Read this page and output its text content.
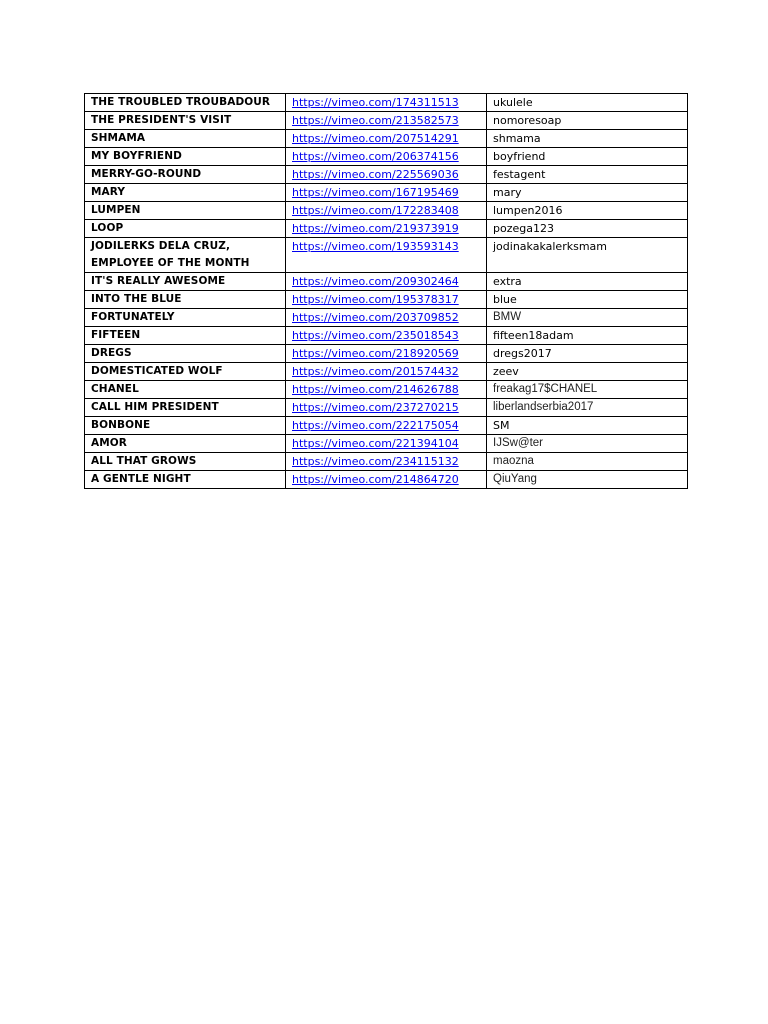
THE TROUBLED TROUBADOUR	https://vimeo.com/174311513	ukulele
THE PRESIDENT'S VISIT	https://vimeo.com/213582573	nomoresoap
SHMAMA	https://vimeo.com/207514291	shmama
MY BOYFRIEND	https://vimeo.com/206374156	boyfriend
MERRY-GO-ROUND	https://vimeo.com/225569036	festagent
MARY	https://vimeo.com/167195469	mary
LUMPEN	https://vimeo.com/172283408	lumpen2016
LOOP	https://vimeo.com/219373919	pozega123
JODILERKS DELA CRUZ, EMPLOYEE OF THE MONTH	https://vimeo.com/193593143	jodinakakalerksmam
IT'S REALLY AWESOME	https://vimeo.com/209302464	extra
INTO THE BLUE	https://vimeo.com/195378317	blue
FORTUNATELY	https://vimeo.com/203709852	BMW
FIFTEEN	https://vimeo.com/235018543	fifteen18adam
DREGS	https://vimeo.com/218920569	dregs2017
DOMESTICATED WOLF	https://vimeo.com/201574432	zeev
CHANEL	https://vimeo.com/214626788	freakag17$CHANEL
CALL HIM PRESIDENT	https://vimeo.com/237270215	liberlandserbia2017
BONBONE	https://vimeo.com/222175054	SM
AMOR	https://vimeo.com/221394104	IJSw@ter
ALL THAT GROWS	https://vimeo.com/234115132	maozna
A GENTLE NIGHT	https://vimeo.com/214864720	QiuYang
